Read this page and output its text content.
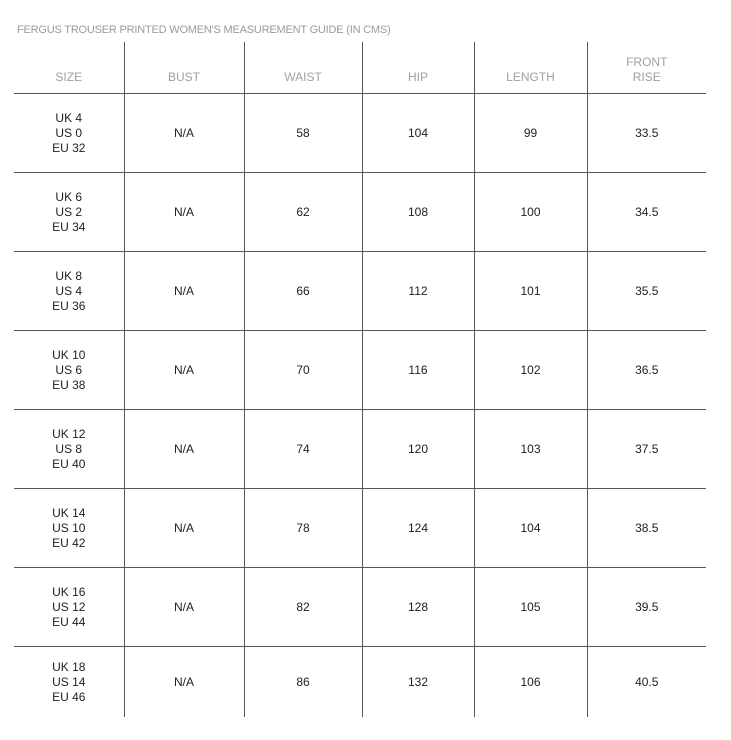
FERGUS TROUSER PRINTED WOMEN'S MEASUREMENT GUIDE (IN CMS)
SIZE	BUST	WAIST	HIP	LENGTH	FRONT
RISE

UK 4
US 0
EU 32	N/A	58	104	99	33.5

UK 6
US 2
EU 34	N/A	62	108	100	34.5

UK 8
US 4
EU 36	N/A	66	112	101	35.5

UK 10
US 6
EU 38	N/A	70	116	102	36.5

UK 12
US 8
EU 40	N/A	74	120	103	37.5

UK 14
US 10
EU 42	N/A	78	124	104	38.5

UK 16
US 12
EU 44	N/A	82	128	105	39.5

UK 18
US 14
EU 46	N/A	86	132	106	40.5
